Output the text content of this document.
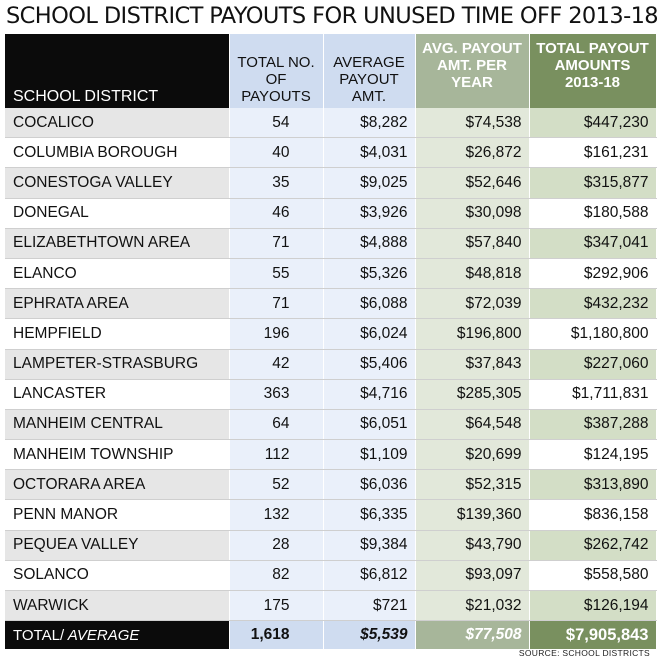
SCHOOL DISTRICT PAYOUTS FOR UNUSED TIME OFF 2013-18
SCHOOL DISTRICT	TOTAL NO. OF PAYOUTS	AVERAGE PAYOUT AMT.	AVG. PAYOUT AMT. PER YEAR	TOTAL PAYOUT AMOUNTS 2013-18
COCALICO	54	$8,282	$74,538	$447,230
COLUMBIA BOROUGH	40	$4,031	$26,872	$161,231
CONESTOGA VALLEY	35	$9,025	$52,646	$315,877
DONEGAL	46	$3,926	$30,098	$180,588
ELIZABETHTOWN AREA	71	$4,888	$57,840	$347,041
ELANCO	55	$5,326	$48,818	$292,906
EPHRATA AREA	71	$6,088	$72,039	$432,232
HEMPFIELD	196	$6,024	$196,800	$1,180,800
LAMPETER-STRASBURG	42	$5,406	$37,843	$227,060
LANCASTER	363	$4,716	$285,305	$1,711,831
MANHEIM CENTRAL	64	$6,051	$64,548	$387,288
MANHEIM TOWNSHIP	112	$1,109	$20,699	$124,195
OCTORARA AREA	52	$6,036	$52,315	$313,890
PENN MANOR	132	$6,335	$139,360	$836,158
PEQUEA VALLEY	28	$9,384	$43,790	$262,742
SOLANCO	82	$6,812	$93,097	$558,580
WARWICK	175	$721	$21,032	$126,194
TOTAL/ AVERAGE	1,618	$5,539	$77,508	$7,905,843
SOURCE: SCHOOL DISTRICTS
